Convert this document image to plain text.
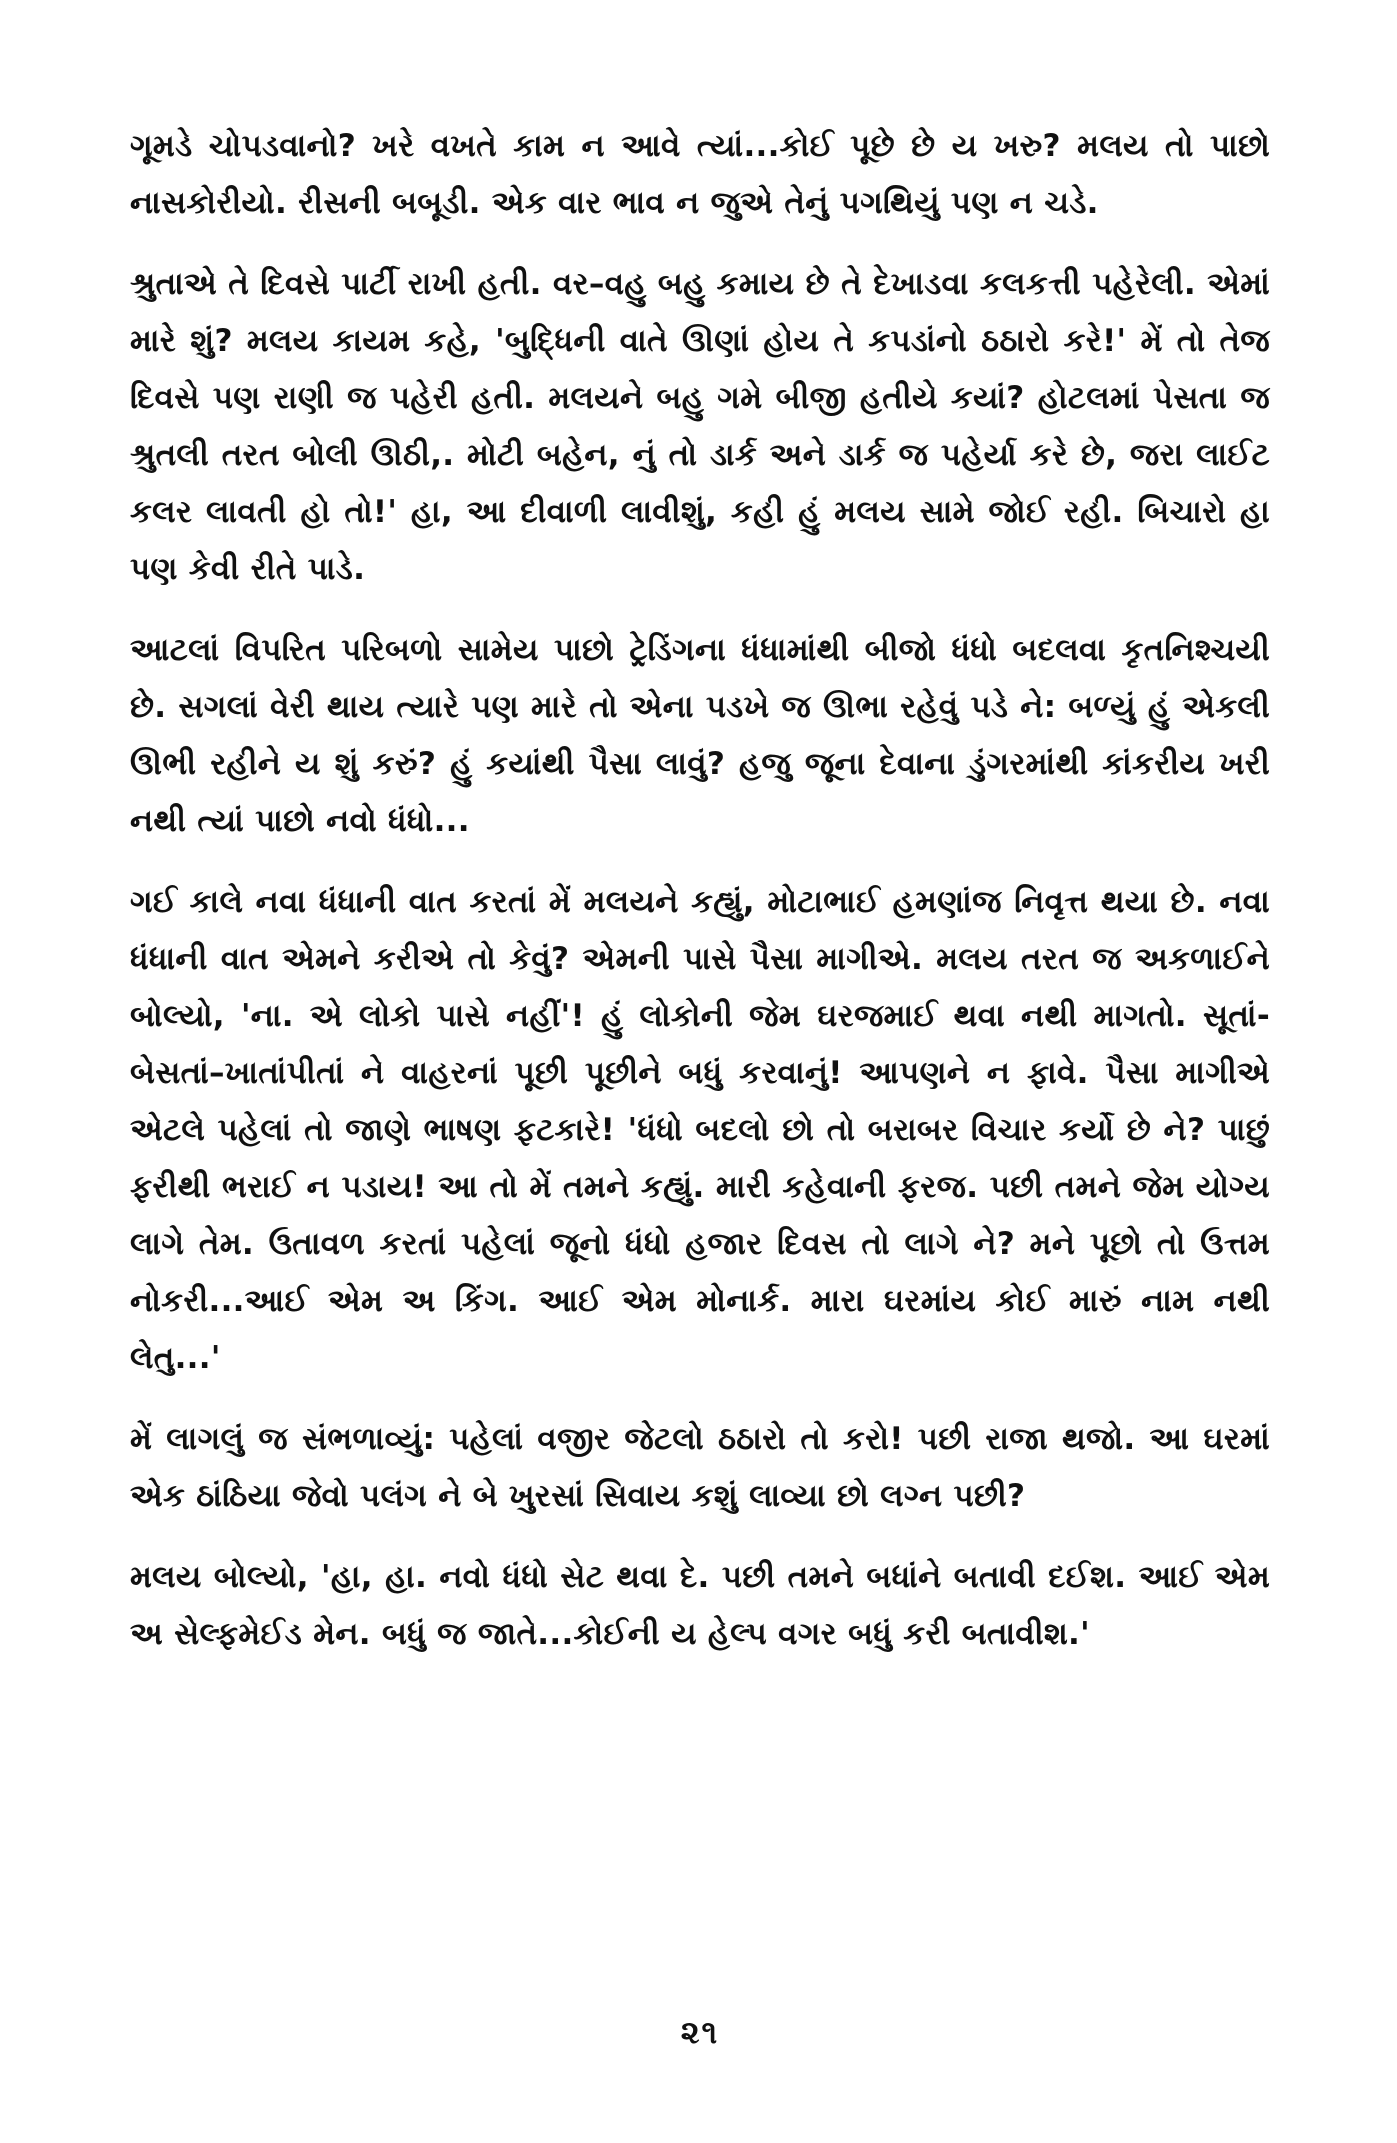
ગૂમડે ચોપડવાનો? ખરે વખતે કામ ન આવે ત્યાં...કોઈ પૂછે છે ય ખરુ? મલય તો પાછો નાસકોરીયો. રીસની બબૂડી. એક વાર ભાવ ન જુએ તેનું પગથિયું પણ ન ચડે.

શ્રુતાએ તે દિવસે પાર્ટી રાખી હતી. વર–વહુ બહુ કમાય છે તે દેખાડવા કલકત્તી પહેરેલી. એમાં મારે શું? મલય કાયમ કહે, 'બુદ્ધિની વાતે ઊણાં હોય તે કપડાંનો ઠઠારો કરે!' મેં તો તેજ દિવસે પણ રાણી જ પહેરી હતી. મલયને બહુ ગમે બીજી હતીયે કયાં? હોટલમાં પેસતા જ શ્રુતલી તરત બોલી ઊઠી,. મોટી બહેન, નું તો ડાર્ક અને ડાર્ક જ પહેર્યા કરે છે, જરા લાઈટ કલર લાવતી હો તો!' હા, આ દીવાળી લાવીશું, કહી હું મલય સામે જોઈ રહી. બિચારો હા પણ કેવી રીતે પાડે.

આટલાં વિપરિત પરિબળો સામેય પાછો ટ્રેડિંગના ધંધામાંથી બીજો ધંધો બદલવા કૃતનિશ્ચયી છે. સગલાં વેરી થાય ત્યારે પણ મારે તો એના પડખે જ ઊભા રહેવું પડે ને: બળ્યું હું એકલી ઊભી રહીને ય શું કરું? હું કયાંથી પૈસા લાવું? હજુ જૂના દેવાના ડુંગરમાંથી કાંકરીય ખરી નથી ત્યાં પાછો નવો ધંધો...

ગઈ કાલે નવા ધંધાની વાત કરતાં મેં મલયને કહ્યું, મોટાભાઈ હમણાંજ નિવૃત્ત થયા છે. નવા ધંધાની વાત એમને કરીએ તો કેવું? એમની પાસે પૈસા માગીએ. મલય તરત જ અકળાઈને બોલ્યો, 'ના. એ લોકો પાસે નહીં'! હું લોકોની જેમ ઘરજમાઈ થવા નથી માગતો. સૂતાં-બેસતાં–ખાતાંપીતાં ને વાહરનાં પૂછી પૂછીને બધું કરવાનું! આપણને ન ફાવે. પૈસા માગીએ એટલે પહેલાં તો જાણે ભાષણ ફટકારે! 'ધંધો બદલો છો તો બરાબર વિચાર કર્યો છે ને? પાછું ફરીથી ભરાઈ ન પડાય! આ તો મેં તમને કહ્યું. મારી કહેવાની ફરજ. પછી તમને જેમ યોગ્ય લાગે તેમ. ઉતાવળ કરતાં પહેલાં જૂનો ધંધો હજાર દિવસ તો લાગે ને? મને પૂછો તો ઉત્તમ નોકરી...આઈ એમ અ કિંગ. આઈ એમ મોનાર્ક. મારા ઘરમાંય કોઈ મારું નામ નથી લેતુ...'

મેં લાગલું જ સંભળાવ્યું: પહેલાં વજીર જેટલો ઠઠારો તો કરો! પછી રાજા થજો. આ ઘરમાં એક ઠાંઠિયા જેવો પલંગ ને બે ખુરસાં સિવાય કશું લાવ્યા છો લગ્ન પછી?

મલય બોલ્યો, 'હા, હા. નવો ધંધો સેટ થવા દે. પછી તમને બધાંને બતાવી દઈશ. આઈ એમ અ સેલ્ફમેઈડ મેન. બધું જ જાતે...કોઈની ય હેલ્પ વગર બધું કરી બતાવીશ.'

૨૧
